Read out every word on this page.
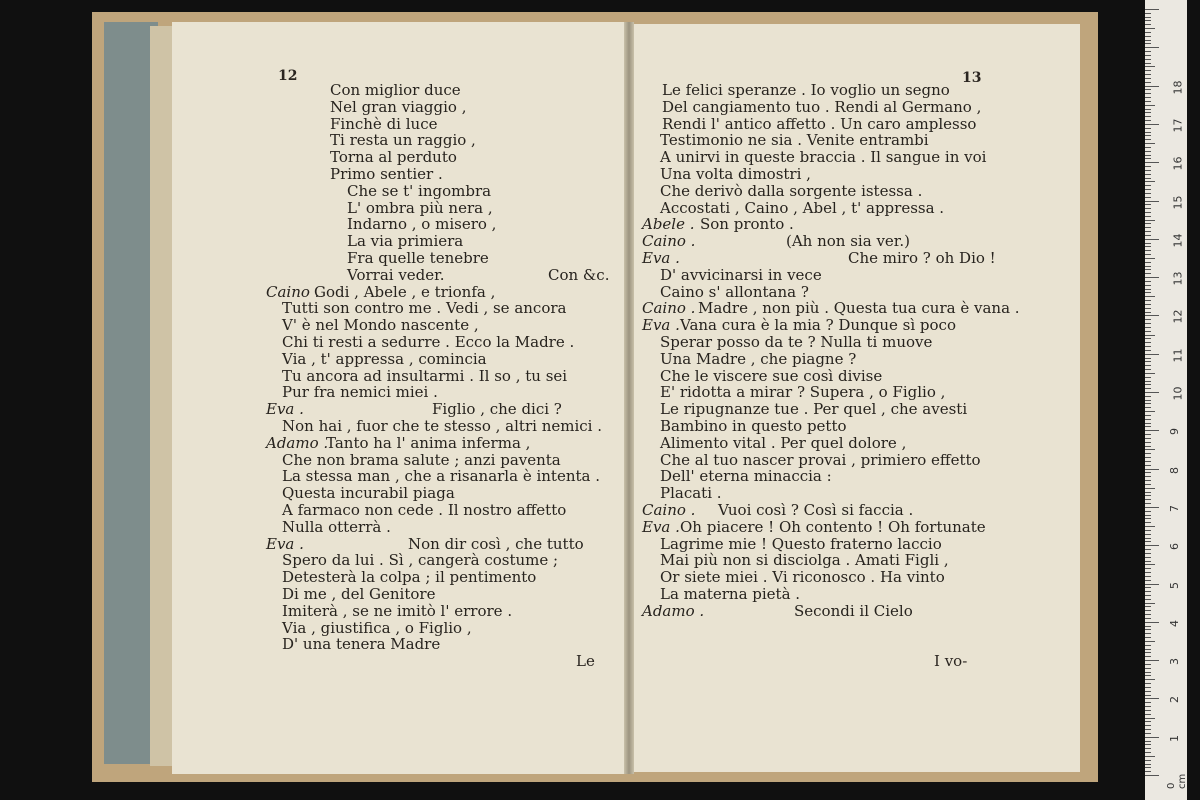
12
Le
13
I vo-
Con miglior duce
Nel gran viaggio ,
Finchè di luce
Ti resta un raggio ,
Torna al perduto
Primo sentier .
Che se t' ingombra
L' ombra più nera ,
Indarno , o misero ,
La via primiera
Fra quelle tenebre
Vorrai veder.	Con &c.
Caino .
Godi , Abele , e trionfa ,
Tutti son contro me . Vedi , se ancora
V' è nel Mondo nascente ,
Chi ti resti a sedurre . Ecco la Madre .
Via , t' appressa , comincia
Tu ancora ad insultarmi . Il so , tu sei
Pur fra nemici miei .
Eva .	Figlio , che dici ?
Non hai , fuor che te stesso , altri nemici .
Adamo .
Tanto ha l' anima inferma ,
Che non brama salute ; anzi paventa
La stessa man , che a risanarla è intenta .
Questa incurabil piaga
A farmaco non cede . Il nostro affetto
Nulla otterrà .
Eva .	Non dir così , che tutto
Spero da lui . Sì , cangerà costume ;
Detesterà la colpa ; il pentimento
Di me , del Genitore
Imiterà , se ne imitò l' errore .
Via , giustifica , o Figlio ,
D' una tenera Madre
Le felici speranze . Io voglio un segno
Del cangiamento tuo . Rendi al Germano ,
Rendi l' antico affetto . Un caro amplesso
Testimonio ne sia . Venite entrambi
A unirvi in queste braccia . Il sangue in voi
Una volta dimostri ,
Che derivò dalla sorgente istessa .
Accostati , Caino , Abel , t' appressa .
Abele . Son pronto .
Caino .	(Ah non sia ver.)
Eva .	Che miro ? oh Dio !
D' avvicinarsi in vece
Caino s' allontana ?
Caino . Madre , non più . Questa tua cura è vana .
Eva . Vana cura è la mia ? Dunque sì poco
Sperar posso da te ? Nulla ti muove
Una Madre , che piagne ?
Che le viscere sue così divise
E' ridotta a mirar ? Supera , o Figlio ,
Le ripugnanze tue . Per quel , che avesti
Bambino in questo petto
Alimento vital . Per quel dolore ,
Che al tuo nascer provai , primiero effetto
Dell' eterna minaccia :
Placati .
Caino . Vuoi così ? Così si faccia .
Eva . Oh piacere ! Oh contento ! Oh fortunate
Lagrime mie ! Questo fraterno laccio
Mai più non si disciolga . Amati Figli ,
Or siete miei . Vi riconosco . Ha vinto
La materna pietà .
Adamo .	Secondi il Cielo
0 cm
1
2
3
4
5
6
7
8
9
10
11
12
13
14
15
16
17
18
